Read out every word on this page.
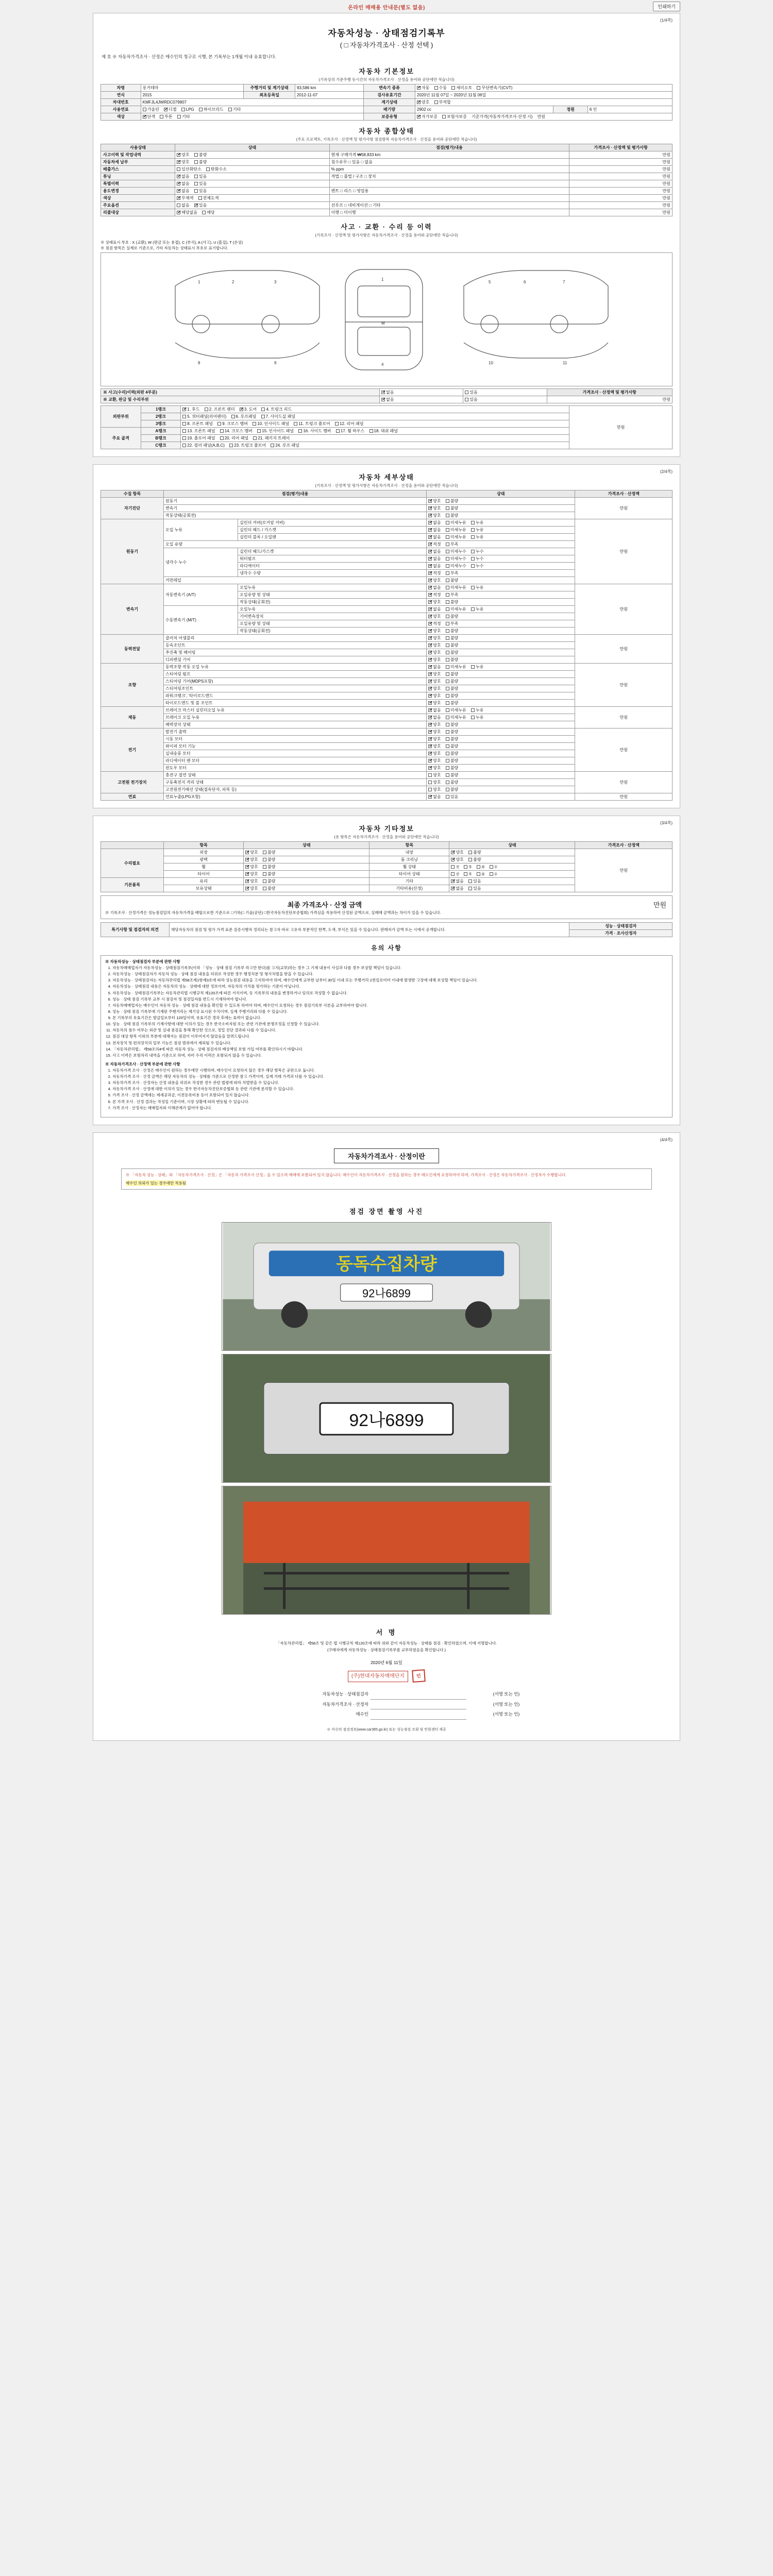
온라인 매매용 안내문(별도 없음)	인쇄하기
(1/4쪽)
자동차성능 · 상태점검기록부
( □ 자동차가격조사 · 산정 선택 )
제 호 ※ 자동차가격조사 · 산정은 매수인의 청구로 시행, 본 기록부는 1개월 이내 유효합니다.
자동차 기본정보
(기록상의 기준주행 등시간의 자동차가격조사 · 산정을 용어와 공단에만 적습니다)
차명	롱거테마	주행거리 및 계기상태	93,586 km	변속기 종류	✔자동 수동 세미오토 무단변속기(CVT)
연식	2015	최초등록일	2012-11-07	검사유효기간	2020년 11월 07일 ~ 2020년 11월 06일		
차대번호	KMFJL4JWRDC079907			계기상태	✔양호 부적합
사용연료	가솔린 ✔ 디젤 LPG 하이브리드 기타			배기량	2902 cc	정원	6 인
색상	✔단색 투톤 기타			보증유형	✔자가보증 보험사보증 기준가격(자동차가격조사·산정 시) 만원
자동차 종합상태
(주요 프로젝트, 기록조사 · 산정액 및 평가사항 점검항목 자동차가격조사 · 산정을 용어와 공단에만 적습니다)
사용상태	상태	점검(평가)내용	가격조사 · 산정액 및 평가사항
사고이력 및 작업내역	✔양호 불량	현재 구매가격 ₩58,833 km	만원
자동차세 납부	✔양호 불량	침수유무 □ 있음 □ 없음	만원
배출가스	일산화탄소 탄화수소	% ppm	만원
튜닝	✔없음 있음	적법 □ 불법 / 구조 □ 장치	만원
특별이력	✔없음 있음		만원
용도변경	✔없음 있음	렌트 □ 리스 □ 영업용	만원
색상	✔무채색 전체도색		만원
주요옵션	없음 ✔ 있음	선루프 □ 네비게이션 □ 기타	만원
리콜대상	✔해당없음 해당	이행 □ 미이행	만원
사고 · 교환 · 수리 등 이력
(기록조사 · 산정액 및 평가사항은 자동차가격조사 · 산정을 용어와 공단에만 적습니다)
※ 상태표시 부호 : X (교환), W (판금 또는 용접), C (부식), A (사고), U (흠집), T (손상)
※ 점검 항목은 실제로 기준으로, 기타 자동차는 상태표시 부호로 표기합니다.
1	2	3
1
M
4
5	6	7
8	9	10	11
※ 사고(수리)이력(외판 4부분)	✔없음	있음	가격조사 · 산정액 및 평가사항
※ 교환, 판금 및 수리부위	✔없음	있음	만원
외판부위	1랭크	✔1. 후드 2. 프론트 펜더 ✔ 3. 도어 4. 트렁크 리드	만원
	2랭크	5. 쿼터패널(리어펜더) 6. 루프패널 7. 사이드실 패널	
	3랭크	8. 프론트 패널 9. 크로스 멤버 10. 인사이드 패널 11. 트렁크 플로어 12. 리어 패널	
주요 골격	A랭크	13. 프론트 패널 14. 크로스 멤버 15. 인사이드 패널 16. 사이드 멤버 17. 휠 하우스 18. 대쉬 패널	
	B랭크	19. 플로어 패널 20. 리어 패널 21. 패키지 트레이	
	C랭크	22. 필러 패널(A,B,C) 23. 트렁크 플로어 24. 루프 패널	
(2/4쪽)
자동차 세부상태
(기록조사 · 산정액 및 평가사항은 자동차가격조사 · 산정을 용어와 공단에만 적습니다)
수집 항목	점검(평가)내용		상태	가격조사 · 산정액
자기진단	원동기	✔양호 불량	만원
	변속기	✔양호 불량
	작동상태(공회전)	✔양호 불량
원동기	오일 누유	실린더 커버(로커암 커버)	✔없음 미세누유 누유	만원
		실린더 헤드 / 가스켓	✔없음 미세누유 누유
		실린더 블록 / 오일팬	✔없음 미세누유 누유
	오일 유량	✔적정 부족
	냉각수 누수	실린더 헤드/가스켓	✔없음 미세누수 누수
		워터펌프	✔없음 미세누수 누수
		라디에이터	✔없음 미세누수 누수
		냉각수 수량	✔적정 부족
	커먼레일	✔양호 불량
변속기	자동변속기 (A/T)	오일누유	✔없음 미세누유 누유	만원
		오일유량 및 상태	✔적정 부족
		작동상태(공회전)	✔양호 불량
	수동변속기 (M/T)	오일누유	✔없음 미세누유 누유
		기어변속장치	✔양호 불량
		오일유량 및 상태	✔적정 부족
		작동상태(공회전)	✔양호 불량
동력전달	클러치 어셈블리	✔양호 불량	만원
	등속조인트	✔양호 불량
	추진축 및 베어링	✔양호 불량
	디퍼렌셜 기어	✔양호 불량
조향	동력조향 작동 오일 누유	✔없음 미세누유 누유	만원
	스티어링 펌프	✔양호 불량
	스티어링 기어(MDPS포함)	✔양호 불량
	스티어링조인트	✔양호 불량
	파워크랭크', '타이로드엔드	✔양호 불량
	타이로드엔드 및 볼 조인트	✔양호 불량
제동	브레이크 마스터 실린더오일 누유	✔없음 미세누유 누유	만원
	브레이크 오일 누유	✔없음 미세누유 누유
	배력장치 상태	✔양호 불량
전기	발전기 출력	✔양호 불량	만원
	시동 모터	✔양호 불량
	와이퍼 모터 기능	✔양호 불량
	실내송풍 모터	✔양호 불량
	라디에이터 팬 모터	✔양호 불량
	윈도우 모터	✔양호 불량
고전원 전기장치	충전구 절연 상태		양호 불량	만원
	구동축전지 격리 상태		양호 불량	
	고전원전기배선 상태(접속단자, 피복 등)		양호 불량	
연료	연료누출(LPG포함)	✔없음 있음	만원
(3/4쪽)
자동차 기타정보
(유 항목은 자동차가격조사 · 산정을 용어와 공단에만 적습니다)
	항목	상태	항목	상태	가격조사 · 산정액
수리필요	외장	✔양호 불량	내장	✔양호 불량	만원
	광택	✔양호 불량	룸 크리닝	✔양호 불량
	휠	✔양호 불량	휠 상태	전 후 좌 우	
	타이어	✔양호 불량	타이어 상태	전 후 좌 우	
기본품목	유리	✔양호 불량	기타	✔없음 있음
	보유상태	✔양호 불량	기타비용(산정)	✔없음 있음
최종 가격조사 · 산정 금액	만원
※ 기록조사 · 산정가격은 성능점검일의 자동차가격을 배합으로한 기준으로 □기록(□ 기술(공단) □한국자동차진단보증협회) 가격심을 적용하여 산정된 금액으로, 실매매 금액과는 차이가 있을 수 있습니다.
특기사항 및 점검자의 의견	해당자동차의 점검 및 평가 가격 표준 검증시행자 정리되는 참고자 바로 고유자 부분적인 한쪽, 도색, 부식은 있을 수 있습니다. 판매자가 금액 또는 시에서 공개합니다.	성능 · 상태점검자
가격 · 조사산정자
유의 사항
※ 자동차성능 · 상태점검자 부분에 관한 사항
1. 자동차매매업자가 자동차성능 · 상태점검기록부(이하 「성능 · 상태 점검 기록부 라고만 한다)를 고지(교부)하는 경우 그 기재 내용이 사실과 다를 경우 보상할 책임이 있습니다.
2. 자동차성능 · 상태점검자가 자동차 성능 · 상태 점검 내용을 허위로 작성한 경우 행정처분 및 형사처벌을 받을 수 있습니다.
3. 자동차성능 · 상태점검자는 자동차관리법 제58조제1항제3호에 따라 성능점검 내용을 고지하여야 하며, 매수인에게 교부한 날부터 30일 이내 또는 주행거리 2천킬로미터 이내에 발생한 고장에 대해 보상할 책임이 있습니다.
4. 자동차성능 · 상태점검 내용은 자동차의 성능 · 상태에 대한 정보이며, 자동차의 가치를 평가하는 기준이 아닙니다.
5. 자동차성능 · 상태점검기록부는 자동차관리법 시행규칙 제120조에 따른 서식이며, 동 기록부의 내용을 변경하거나 임의로 작성할 수 없습니다.
6. 성능 · 상태 점검 기록부 교부 시 점검자 및 점검일자를 반드시 기재하여야 합니다.
7. 자동차매매업자는 매수인이 자동차 성능 · 상태 점검 내용을 확인할 수 있도록 하여야 하며, 매수인이 요청하는 경우 점검기록부 사본을 교부하여야 합니다.
8. 성능 · 상태 점검 기록부에 기재된 주행거리는 계기상 표시된 수치이며, 실제 주행거리와 다를 수 있습니다.
9. 본 기록부의 유효기간은 발급일로부터 120일이며, 유효기간 경과 후에는 효력이 없습니다.
10. 성능 · 상태 점검 기록부의 기재사항에 대한 이의가 있는 경우 한국소비자원 또는 관련 기관에 분쟁조정을 신청할 수 있습니다.
11. 자동차의 침수 여부는 외관 및 실내 점검을 통해 확인한 것으로, 정밀 진단 결과와 다를 수 있습니다.
12. 점검 대상 항목 이외의 부분에 대해서는 점검이 이루어지지 않았음을 알려드립니다.
13. 전자장치 및 편의장치의 일부 기능은 점검 범위에서 제외될 수 있습니다.
14. 「자동차관리법」 제58조의4에 따른 자동차 성능 · 상태 점검자의 배상책임 보험 가입 여부를 확인하시기 바랍니다.
15. 사고 이력은 보험처리 내역을 기준으로 하며, 자비 수리 이력은 포함되지 않을 수 있습니다.
※ 자동차가격조사 · 산정액 부분에 관한 사항
1. 자동차가격 조사 · 산정은 매수인이 원하는 경우에만 시행하며, 매수인이 요청하지 않은 경우 해당 항목은 공란으로 둡니다.
2. 자동차가격 조사 · 산정 금액은 해당 자동차의 성능 · 상태를 기준으로 산정한 참고 가격이며, 실제 거래 가격과 다를 수 있습니다.
3. 자동차가격 조사 · 산정자는 산정 내용을 허위로 작성한 경우 관련 법령에 따라 처벌받을 수 있습니다.
4. 자동차가격 조사 · 산정에 대한 이의가 있는 경우 한국자동차진단보증협회 등 관련 기관에 문의할 수 있습니다.
5. 가격 조사 · 산정 금액에는 제세공과금, 이전등록비용 등이 포함되어 있지 않습니다.
6. 본 가격 조사 · 산정 결과는 작성일 기준이며, 시장 상황에 따라 변동될 수 있습니다.
7. 가격 조사 · 산정자는 매매업자와 이해관계가 없어야 합니다.
(4/4쪽)
자동차가격조사 · 산정이란
※ 「자동차 성능 · 상태」와 「자동차가격조사 · 산정」은 「자동차 가격조사 산정」을 수 있으며 매매에 포함되어 있지 않습니다. 매수인이 자동차가격조사 · 산정을 원하는 경우 매도인에게 요청하여야 하며, 가격조사 · 산정은 자동차가격조사 · 산정자가 수행합니다.
매수인 의뢰가 있는 경우에만 적용됨
점검 장면 촬영 사진
동독수집차량
92나6899
92나6899
서 명
「자동차관리법」 제58조 및 같은 법 시행규칙 제120조에 따라 위와 같이 자동차성능 · 상태를 점검 · 확인하였으며, 이에 서명합니다.
(구매자에게 자동차성능 · 상태점검기록부를 교부하였음을 확인합니다.)
2020년 6월 11일
(주)현대자동차매매단지	인
자동차성능 · 상태점검자		(서명 또는 인)
자동차가격조사 · 산정자		(서명 또는 인)
매수인		(서명 또는 인)
※ 자신의 점검정보(www.car365.go.kr) 또는 성능점검 조회 및 민원센터 제공
